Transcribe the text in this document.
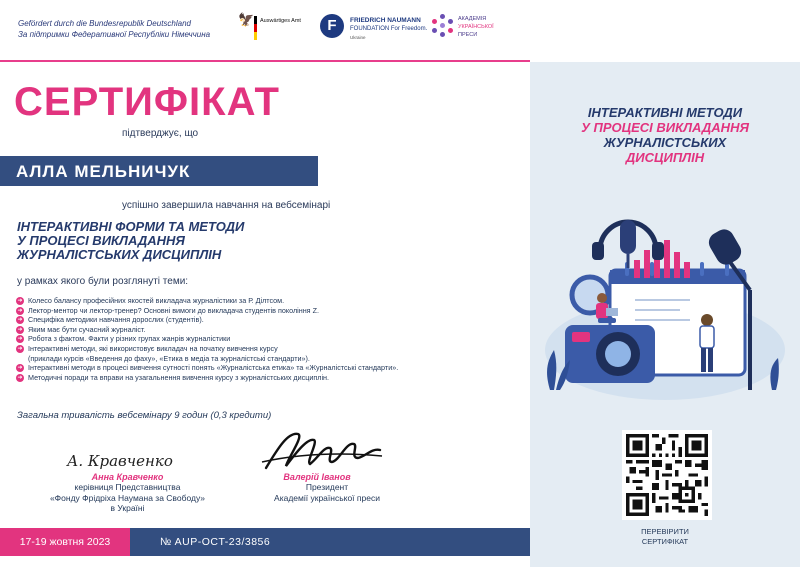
Gefördert durch die Bundesrepublik Deutschland
За підтримки Федеративної Республіки Німеччина
🦅 Auswärtiges Amt	F	FRIEDRICH NAUMANN
FOUNDATION For Freedom.
Ukraine
АКАДЕМІЯ
УКРАЇНСЬКОЇ
ПРЕСИ
СЕРТИФІКАТ
підтверджує, що
АЛЛА МЕЛЬНИЧУК
успішно завершила навчання на вебсемінарі
ІНТЕРАКТИВНІ ФОРМИ ТА МЕТОДИ
У ПРОЦЕСІ ВИКЛАДАННЯ
ЖУРНАЛІСТСЬКИХ ДИСЦИПЛІН
у рамках якого були розглянуті теми:
➜ Колесо балансу професійних якостей викладача журналістики за Р. Ділтсом.
➜ Лектор-ментор чи лектор-тренер? Основні вимоги до викладача студентів покоління Z.
➜ Специфіка методики навчання дорослих (студентів).
➜ Яким має бути сучасний журналіст.
➜ Робота з фактом. Факти у різних групах жанрів журналістики
➜ Інтерактивні методи, які використовує викладач на початку вивчення курсу
(приклади курсів «Введення до фаху», «Етика в медіа та журналістські стандарти»).
➜ Інтерактивні методи в процесі вивчення сутності понять «Журналістська етика» та «Журналістські стандарти».
➜ Методичні поради та вправи на узагальнення вивчення курсу з журналістських дисциплін.
Загальна тривалість вебсемінару 9 годин (0,3 кредити)
А. Кравченко
Анна Кравченко
керівниця Представництва
«Фонду Фрідріха Наумана за Свободу»
в Україні
Валерій Іванов
Президент
Академії української преси
17-19 жовтня 2023	№ AUP-OCT-23/3856
ІНТЕРАКТИВНІ МЕТОДИ
У ПРОЦЕСІ ВИКЛАДАННЯ
ЖУРНАЛІСТСЬКИХ
ДИСЦИПЛІН
ПЕРЕВІРИТИ
СЕРТИФІКАТ
